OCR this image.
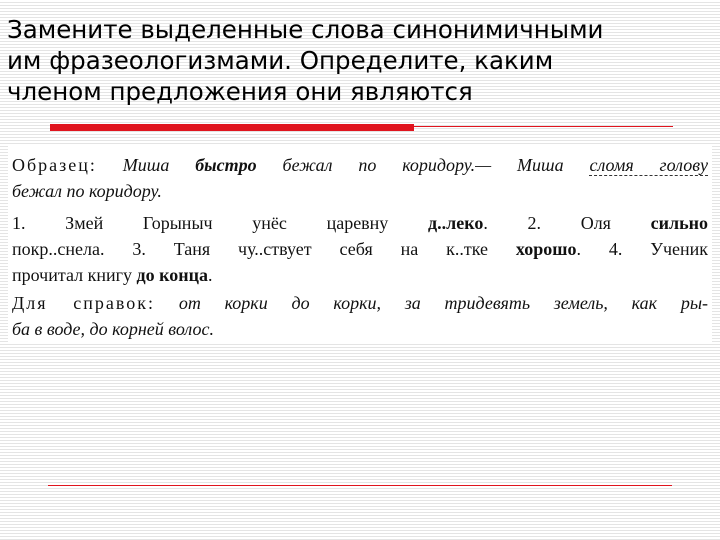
Замените выделенные слова синонимичными
им фразеологизмами. Определите, каким
членом предложения они являются

Образец: Миша быстро бежал по коридору.— Миша сломя голову
бежал по коридору.

1. Змей Горыныч унёс царевну д..леко. 2. Оля сильно
покр..снела. 3. Таня чу..ствует себя на к..тке хорошо. 4. Ученик
прочитал книгу до конца.

Для справок: от корки до корки, за тридевять земель, как ры-
ба в воде, до корней волос.
